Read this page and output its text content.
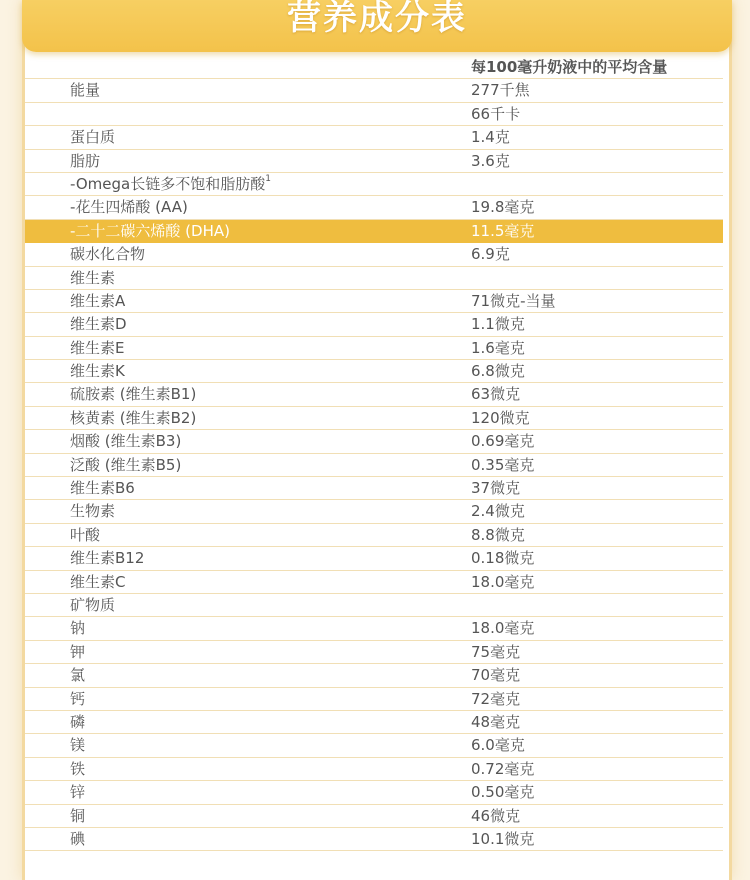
营养成分表
每100毫升奶液中的平均含量
能量	277千焦
66千卡
蛋白质	1.4克
脂肪	3.6克
-Omega长链多不饱和脂肪酸$^1$
-花生四烯酸 (AA)	19.8毫克
-二十二碳六烯酸 (DHA)	11.5毫克
碳水化合物	6.9克
维生素
维生素A	71微克-当量
维生素D	1.1微克
维生素E	1.6毫克
维生素K	6.8微克
硫胺素 (维生素B1)	63微克
核黄素 (维生素B2)	120微克
烟酸 (维生素B3)	0.69毫克
泛酸 (维生素B5)	0.35毫克
维生素B6	37微克
生物素	2.4微克
叶酸	8.8微克
维生素B12	0.18微克
维生素C	18.0毫克
矿物质
钠	18.0毫克
钾	75毫克
氯	70毫克
钙	72毫克
磷	48毫克
镁	6.0毫克
铁	0.72毫克
锌	0.50毫克
铜	46微克
碘	10.1微克
